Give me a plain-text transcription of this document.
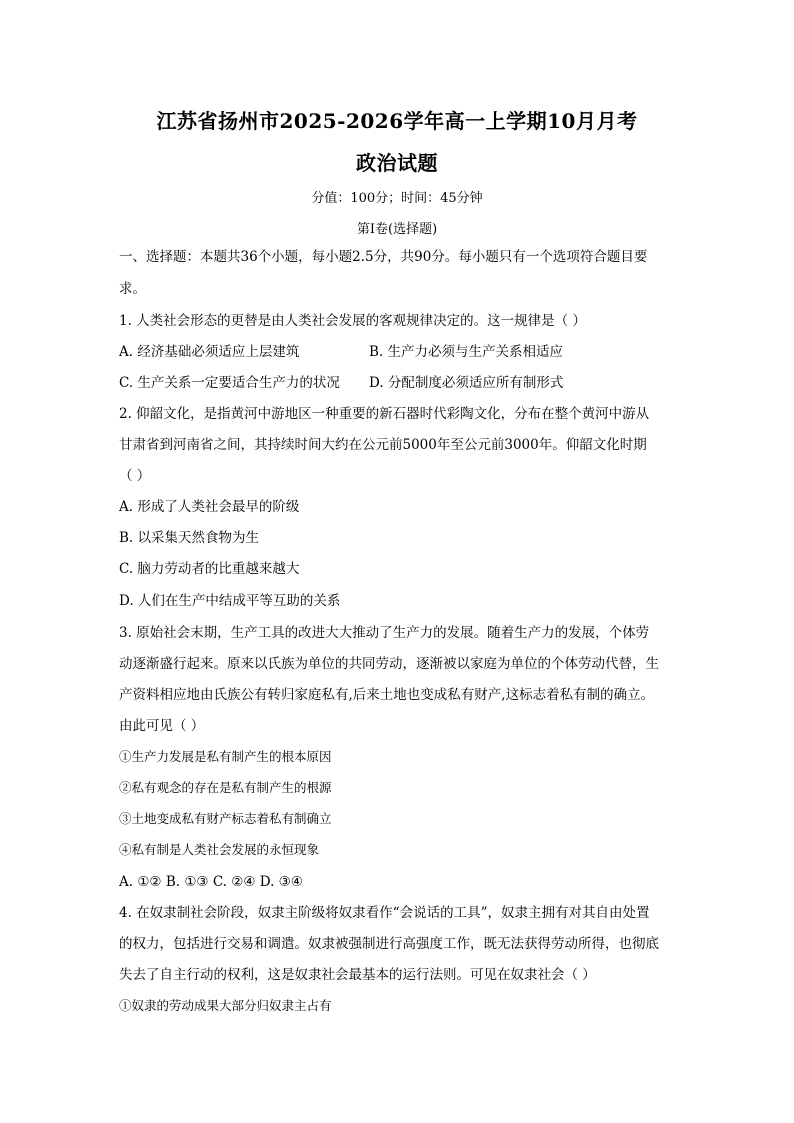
江苏省扬州市2025-2026学年高一上学期10月月考
政治试题
分值：100分；时间：45分钟
第Ⅰ卷(选择题)
一、选择题：本题共36个小题，每小题2.5分，共90分。每小题只有一个选项符合题目要
求。
1. 人类社会形态的更替是由人类社会发展的客观规律决定的。这一规律是（ ）
A. 经济基础必须适应上层建筑	B. 生产力必须与生产关系相适应
C. 生产关系一定要适合生产力的状况 D. 分配制度必须适应所有制形式
2. 仰韶文化，是指黄河中游地区一种重要的新石器时代彩陶文化，分布在整个黄河中游从
甘肃省到河南省之间，其持续时间大约在公元前5000年至公元前3000年。仰韶文化时期
（ ）
A. 形成了人类社会最早的阶级
B. 以采集天然食物为生
C. 脑力劳动者的比重越来越大
D. 人们在生产中结成平等互助的关系
3. 原始社会末期，生产工具的改进大大推动了生产力的发展。随着生产力的发展，个体劳
动逐渐盛行起来。原来以氏族为单位的共同劳动，逐渐被以家庭为单位的个体劳动代替，生
产资料相应地由氏族公有转归家庭私有,后来土地也变成私有财产,这标志着私有制的确立。
由此可见（ ）
①生产力发展是私有制产生的根本原因
②私有观念的存在是私有制产生的根源
③土地变成私有财产标志着私有制确立
④私有制是人类社会发展的永恒现象
A. ①② B. ①③ C. ②④ D. ③④
4. 在奴隶制社会阶段，奴隶主阶级将奴隶看作“会说话的工具”，奴隶主拥有对其自由处置
的权力，包括进行交易和调遣。奴隶被强制进行高强度工作，既无法获得劳动所得，也彻底
失去了自主行动的权利，这是奴隶社会最基本的运行法则。可见在奴隶社会（ ）
①奴隶的劳动成果大部分归奴隶主占有
